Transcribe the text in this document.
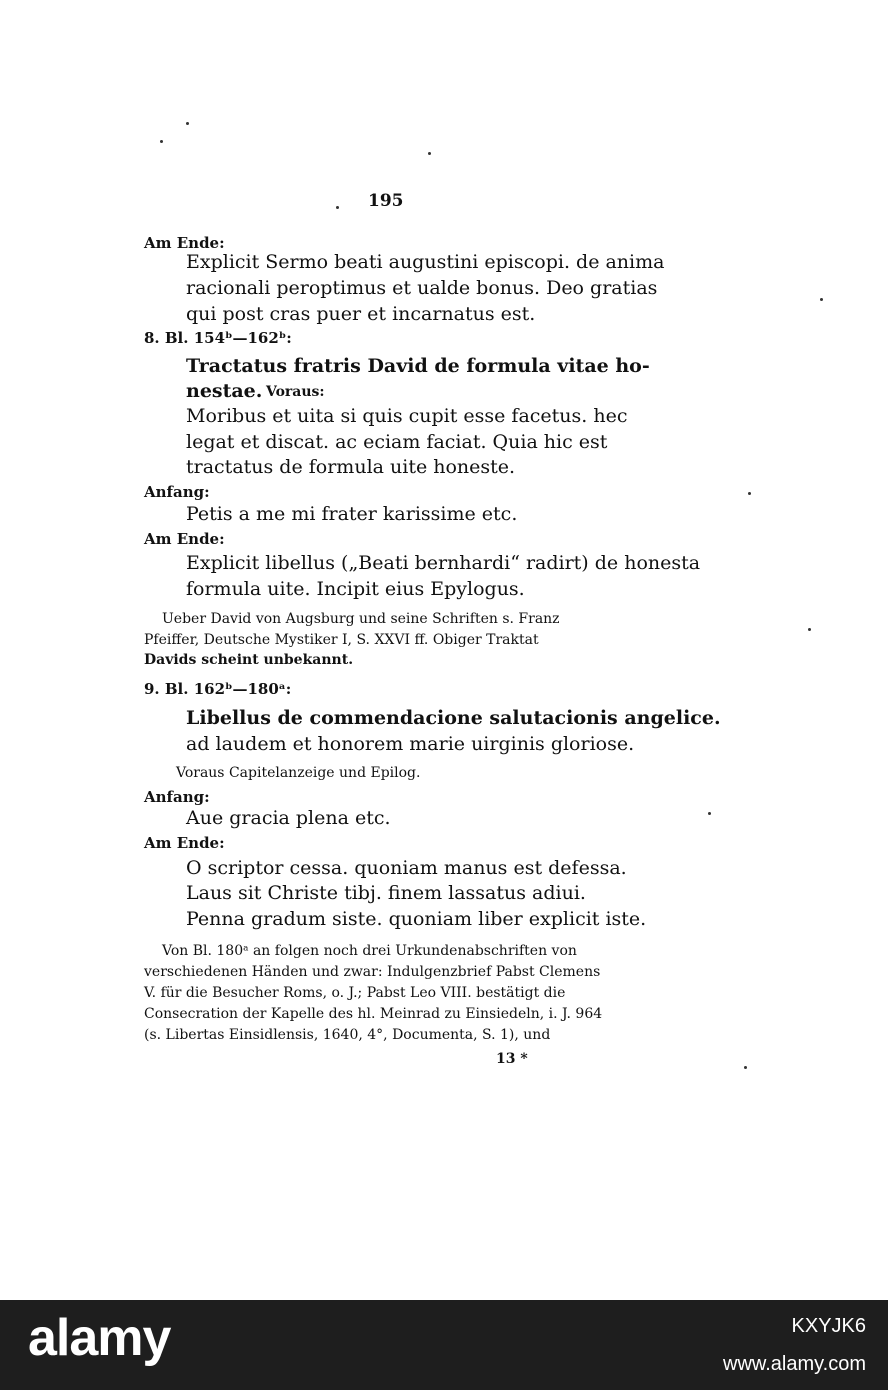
195
Am Ende:
Explicit Sermo beati augustini episcopi. de anima
racionali peroptimus et ualde bonus. Deo gratias
qui post cras puer et incarnatus est.
8. Bl. 154ᵇ—162ᵇ:
Tractatus fratris David de formula vitae ho-
nestae. Voraus:
Moribus et uita si quis cupit esse facetus. hec
legat et discat. ac eciam faciat. Quia hic est
tractatus de formula uite honeste.
Anfang:
Petis a me mi frater karissime etc.
Am Ende:
Explicit libellus („Beati bernhardi“ radirt) de honesta
formula uite. Incipit eius Epylogus.
Ueber David von Augsburg und seine Schriften s. Franz
Pfeiffer, Deutsche Mystiker I, S. XXVI ff. Obiger Traktat
Davids scheint unbekannt.
9. Bl. 162ᵇ—180ᵃ:
Libellus de commendacione salutacionis angelice.
ad laudem et honorem marie uirginis gloriose.
Voraus Capitelanzeige und Epilog.
Anfang:
Aue gracia plena etc.
Am Ende:
O scriptor cessa. quoniam manus est defessa.
Laus sit Christe tibj. finem lassatus adiui.
Penna gradum siste. quoniam liber explicit iste.
Von Bl. 180ᵃ an folgen noch drei Urkundenabschriften von
verschiedenen Händen und zwar: Indulgenzbrief Pabst Clemens
V. für die Besucher Roms, o. J.; Pabst Leo VIII. bestätigt die
Consecration der Kapelle des hl. Meinrad zu Einsiedeln, i. J. 964
(s. Libertas Einsidlensis, 1640, 4°, Documenta, S. 1), und
13 *
alamy	KXYJK6
www.alamy.com
